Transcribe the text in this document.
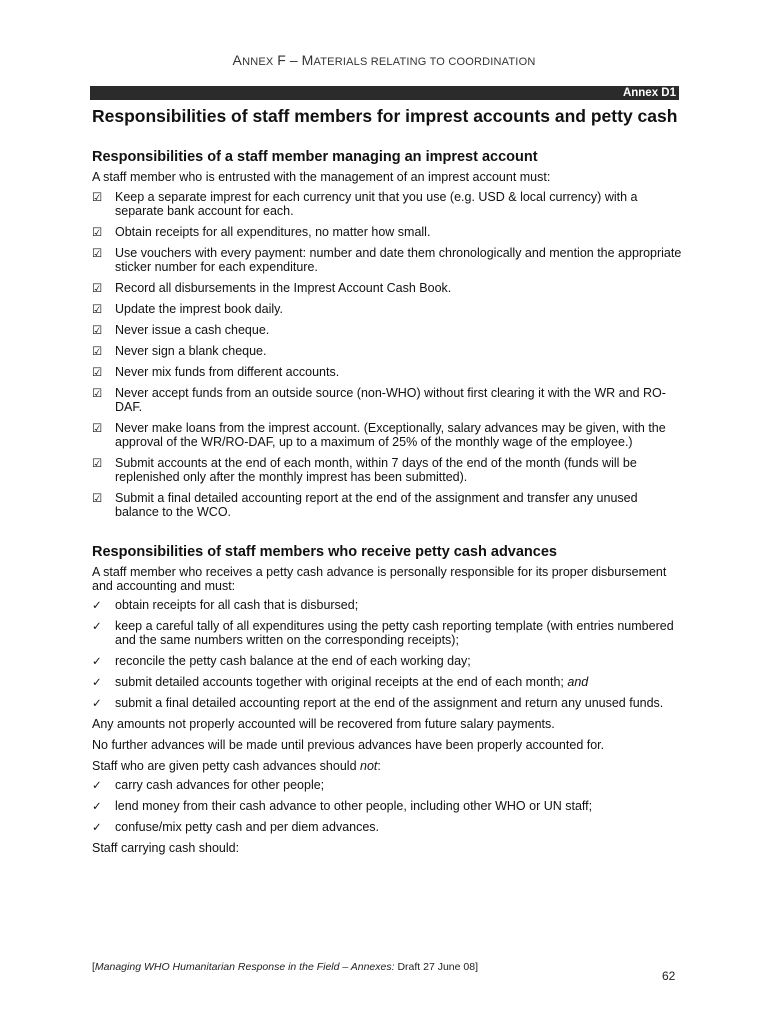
ANNEX F – MATERIALS RELATING TO COORDINATION
Annex D1
Responsibilities of staff members for imprest accounts and petty cash
Responsibilities of a staff member managing an imprest account

A staff member who is entrusted with the management of an imprest account must:

☑ Keep a separate imprest for each currency unit that you use (e.g. USD & local currency) with a separate bank account for each.
☑ Obtain receipts for all expenditures, no matter how small.
☑ Use vouchers with every payment: number and date them chronologically and mention the appropriate sticker number for each expenditure.
☑ Record all disbursements in the Imprest Account Cash Book.
☑ Update the imprest book daily.
☑ Never issue a cash cheque.
☑ Never sign a blank cheque.
☑ Never mix funds from different accounts.
☑ Never accept funds from an outside source (non-WHO) without first clearing it with the WR and RO-DAF.
☑ Never make loans from the imprest account. (Exceptionally, salary advances may be given, with the approval of the WR/RO-DAF, up to a maximum of 25% of the monthly wage of the employee.)
☑ Submit accounts at the end of each month, within 7 days of the end of the month (funds will be replenished only after the monthly imprest has been submitted).
☑ Submit a final detailed accounting report at the end of the assignment and transfer any unused balance to the WCO.
Responsibilities of staff members who receive petty cash advances

A staff member who receives a petty cash advance is personally responsible for its proper disbursement and accounting and must:

✓	obtain receipts for all cash that is disbursed;
✓	keep a careful tally of all expenditures using the petty cash reporting template (with entries numbered and the same numbers written on the corresponding receipts);
✓	reconcile the petty cash balance at the end of each working day;
✓	submit detailed accounts together with original receipts at the end of each month; and
✓	submit a final detailed accounting report at the end of the assignment and return any unused funds.

Any amounts not properly accounted will be recovered from future salary payments.

No further advances will be made until previous advances have been properly accounted for.

Staff who are given petty cash advances should not:

✓	carry cash advances for other people;
✓	lend money from their cash advance to other people, including other WHO or UN staff;
✓	confuse/mix petty cash and per diem advances.

Staff carrying cash should:

[Managing WHO Humanitarian Response in the Field – Annexes: Draft 27 June 08]
62
